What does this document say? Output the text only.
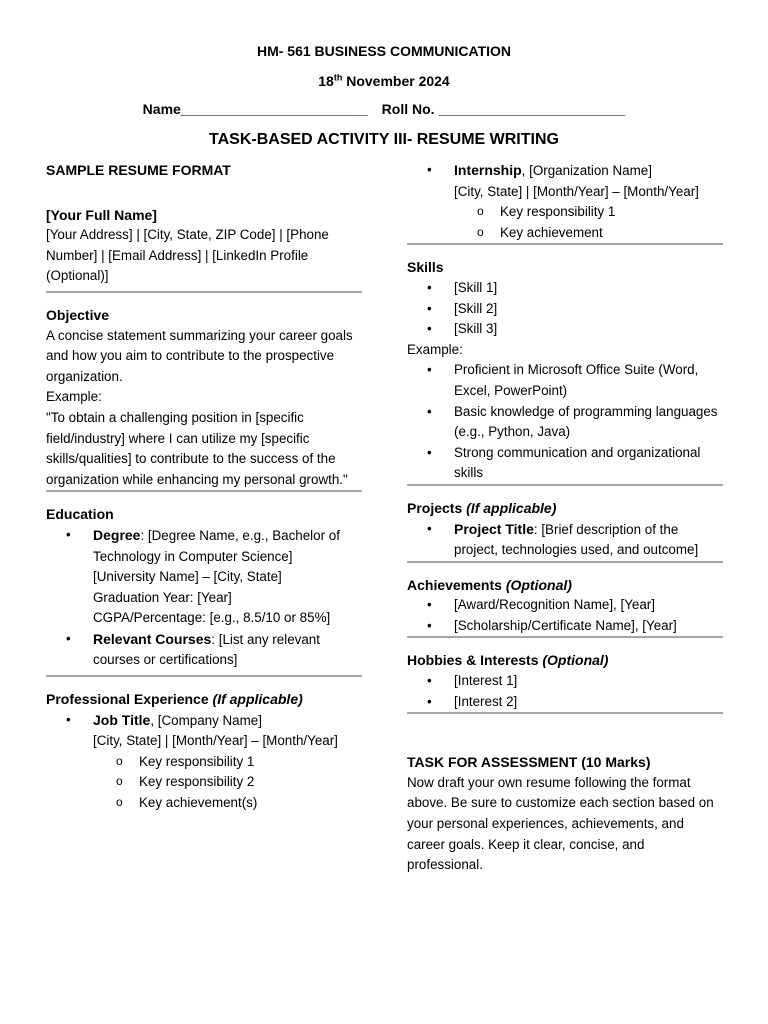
HM- 561 BUSINESS COMMUNICATION
18th November 2024
Name________________________ Roll No. ________________________
TASK-BASED ACTIVITY III- RESUME WRITING
SAMPLE RESUME FORMAT
[Your Full Name]

[Your Address] | [City, State, ZIP Code] | [Phone Number] | [Email Address] | [LinkedIn Profile (Optional)]

Objective

A concise statement summarizing your career goals and how you aim to contribute to the prospective organization.

Example:

"To obtain a challenging position in [specific field/industry] where I can utilize my [specific skills/qualities] to contribute to the success of the organization while enhancing my personal growth."

Education
• Degree: [Degree Name, e.g., Bachelor of Technology in Computer Science]
[University Name] – [City, State]
Graduation Year: [Year]
CGPA/Percentage: [e.g., 8.5/10 or 85%]
• Relevant Courses: [List any relevant courses or certifications]
Professional Experience (If applicable)
• Job Title, [Company Name]
[City, State] | [Month/Year] – [Month/Year]
o Key responsibility 1
o Key responsibility 2
o Key achievement(s)
• Internship, [Organization Name]
[City, State] | [Month/Year] – [Month/Year]
o Key responsibility 1
o Key achievement
Skills
• [Skill 1]
• [Skill 2]
• [Skill 3]

Example:

• Proficient in Microsoft Office Suite (Word, Excel, PowerPoint)
• Basic knowledge of programming languages (e.g., Python, Java)
• Strong communication and organizational skills
Projects (If applicable)
• Project Title: [Brief description of the project, technologies used, and outcome]
Achievements (Optional)
• [Award/Recognition Name], [Year]
• [Scholarship/Certificate Name], [Year]
Hobbies & Interests (Optional)
• [Interest 1]
• [Interest 2]
TASK FOR ASSESSMENT (10 Marks)

Now draft your own resume following the format above. Be sure to customize each section based on your personal experiences, achievements, and career goals. Keep it clear, concise, and professional.
